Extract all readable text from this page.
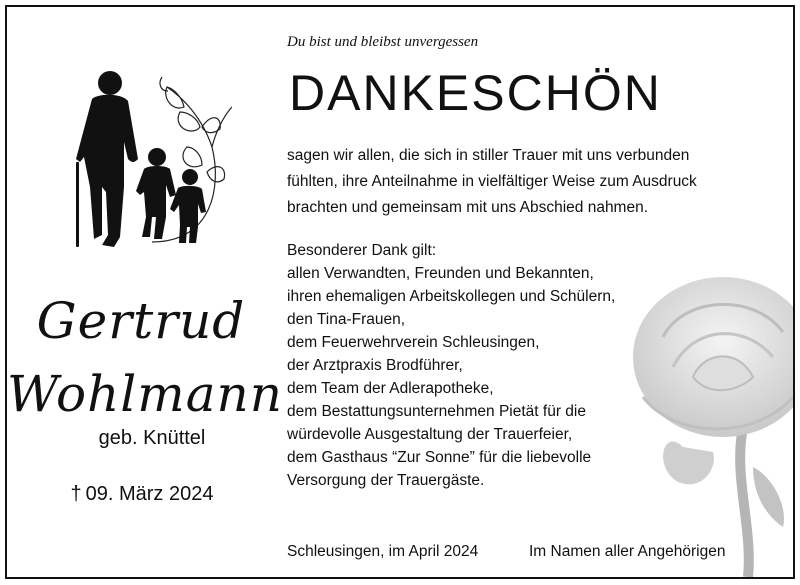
Gertrud
Wohlmann
geb. Knüttel
† 09. März 2024
Du bist und bleibst unvergessen
DANKESCHÖN
sagen wir allen, die sich in stiller Trauer mit uns verbunden
fühlten, ihre Anteilnahme in vielfältiger Weise zum Ausdruck
brachten und gemeinsam mit uns Abschied nahmen.
Besonderer Dank gilt:
allen Verwandten, Freunden und Bekannten,
ihren ehemaligen Arbeitskollegen und Schülern,
den Tina-Frauen,
dem Feuerwehrverein Schleusingen,
der Arztpraxis Brodführer,
dem Team der Adlerapotheke,
dem Bestattungsunternehmen Pietät für die
würdevolle Ausgestaltung der Trauerfeier,
dem Gasthaus “Zur Sonne” für die liebevolle
Versorgung der Trauergäste.
Schleusingen, im April 2024	Im Namen aller Angehörigen
